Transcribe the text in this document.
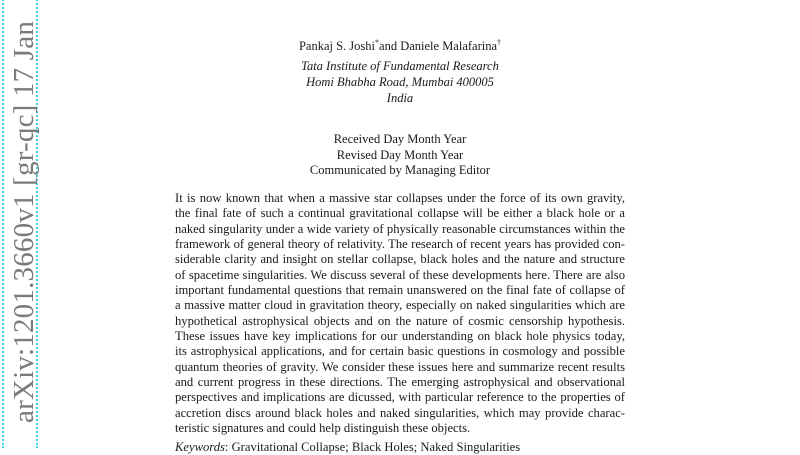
arXiv:1201.3660v1 [gr-qc] 17 Jan	Pankaj S. Joshi*and Daniele Malafarina†
Tata Institute of Fundamental Research
Homi Bhabha Road, Mumbai 400005
India
Received Day Month Year
Revised Day Month Year
Communicated by Managing Editor
It is now known that when a massive star collapses under the force of its own gravity,
the final fate of such a continual gravitational collapse will be either a black hole or a
naked singularity under a wide variety of physically reasonable circumstances within the
framework of general theory of relativity. The research of recent years has provided con-
siderable clarity and insight on stellar collapse, black holes and the nature and structure
of spacetime singularities. We discuss several of these developments here. There are also
important fundamental questions that remain unanswered on the final fate of collapse of
a massive matter cloud in gravitation theory, especially on naked singularities which are
hypothetical astrophysical objects and on the nature of cosmic censorship hypothesis.
These issues have key implications for our understanding on black hole physics today,
its astrophysical applications, and for certain basic questions in cosmology and possible
quantum theories of gravity. We consider these issues here and summarize recent results
and current progress in these directions. The emerging astrophysical and observational
perspectives and implications are dicussed, with particular reference to the properties of
accretion discs around black holes and naked singularities, which may provide charac-
teristic signatures and could help distinguish these objects.
Keywords: Gravitational Collapse; Black Holes; Naked Singularities
